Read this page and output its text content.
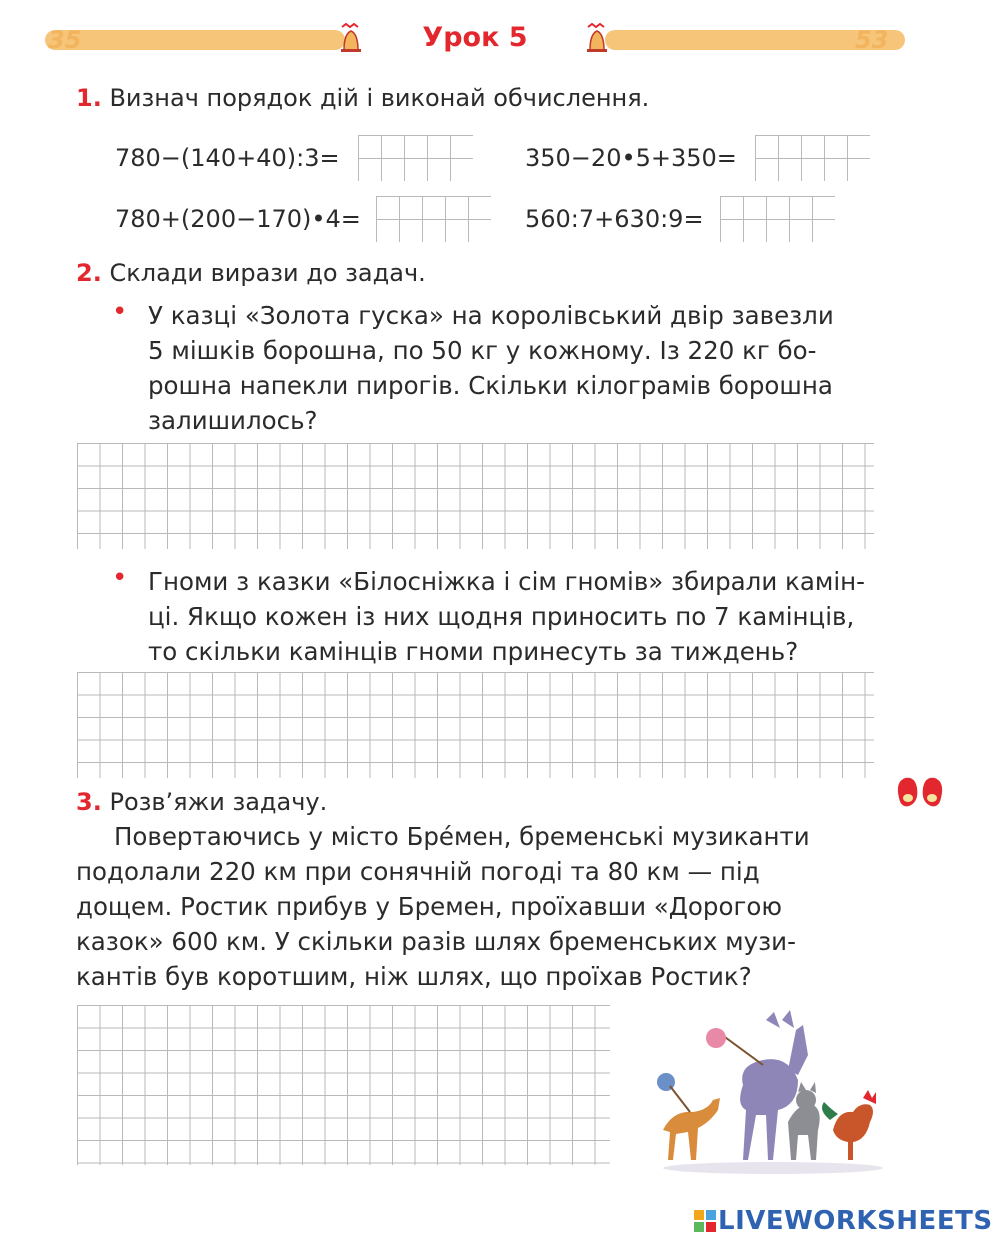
35	53
Урок 5
1. Визнач порядок дій і виконай обчислення.
780−(140+40):3=	350−20•5+350=
780+(200−170)•4=	560:7+630:9=
2. Склади вирази до задач.
• У казці «Золота гуска» на королівський двір завезли
5 мішків борошна, по 50 кг у кожному. Із 220 кг бо-
рошна напекли пирогів. Скільки кілограмів борошна
залишилось?
• Гноми з казки «Білосніжка і сім гномів» збирали камін-
ці. Якщо кожен із них щодня приносить по 7 камінців,
то скільки камінців гноми принесуть за тиждень?
3. Розв’яжи задачу.
Повертаючись у місто Бре́мен, бременські музиканти
подолали 220 км при сонячній погоді та 80 км — під
дощем. Ростик прибув у Бремен, проїхавши «Дорогою
казок» 600 км. У скільки разів шлях бременських музи-
кантів був коротшим, ніж шлях, що проїхав Ростик?
LIVEWORKSHEETS
